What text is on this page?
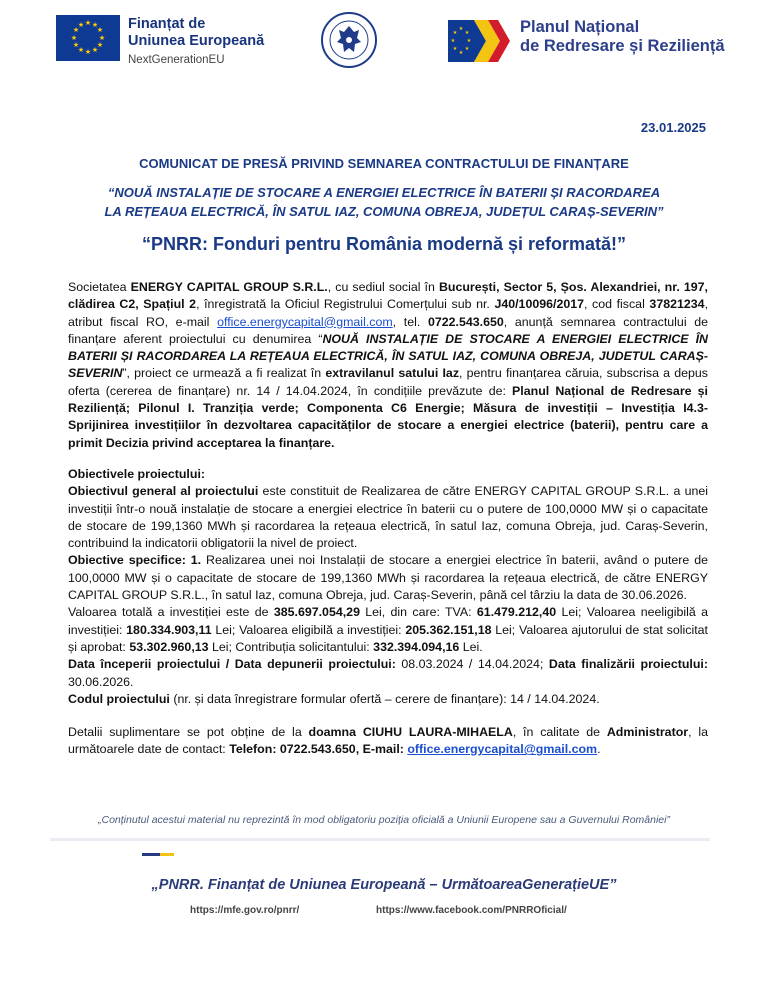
★ ★
★
★
★
★
★
★
★
★
★
★	Finanțat de
Uniunea Europeană
NextGenerationEU
★
★
★
★
★
★
★
★	Planul Național
de Redresare și Reziliență
23.01.2025
COMUNICAT DE PRESĂ PRIVIND SEMNAREA CONTRACTULUI DE FINANȚARE
“NOUĂ INSTALAȚIE DE STOCARE A ENERGIEI ELECTRICE ÎN BATERII ȘI RACORDAREA LA REȚEAUA ELECTRICĂ, ÎN SATUL IAZ, COMUNA OBREJA, JUDEȚUL CARAȘ-SEVERIN”
“PNRR: Fonduri pentru România modernă și reformată!”

Societatea ENERGY CAPITAL GROUP S.R.L., cu sediul social în București, Sector 5, Șos. Alexandriei, nr. 197, clădirea C2, Spațiul 2, înregistrată la Oficiul Registrului Comerțului sub nr. J40/10096/2017, cod fiscal 37821234, atribut fiscal RO, e-mail office.energycapital@gmail.com, tel. 0722.543.650, anunță semnarea contractului de finanțare aferent proiectului cu denumirea “NOUĂ INSTALAȚIE DE STOCARE A ENERGIEI ELECTRICE ÎN BATERII ȘI RACORDAREA LA REȚEAUA ELECTRICĂ, ÎN SATUL IAZ, COMUNA OBREJA, JUDETUL CARAȘ-SEVERIN”, proiect ce urmează a fi realizat în extravilanul satului Iaz, pentru finanțarea căruia, subscrisa a depus oferta (cererea de finanțare) nr. 14 / 14.04.2024, în condițiile prevăzute de: Planul Național de Redresare și Reziliență; Pilonul I. Tranziția verde; Componenta C6 Energie; Măsura de investiții – Investiția I4.3- Sprijinirea investițiilor în dezvoltarea capacităților de stocare a energiei electrice (baterii), pentru care a primit Decizia privind acceptarea la finanțare.

Obiectivele proiectului:

Obiectivul general al proiectului este constituit de Realizarea de către ENERGY CAPITAL GROUP S.R.L. a unei investiții într-o nouă instalație de stocare a energiei electrice în baterii cu o putere de 100,0000 MW și o capacitate de stocare de 199,1360 MWh și racordarea la rețeaua electrică, în satul Iaz, comuna Obreja, jud. Caraș-Severin, contribuind la indicatorii obligatorii la nivel de proiect.

Obiective specifice: 1. Realizarea unei noi Instalații de stocare a energiei electrice în baterii, având o putere de 100,0000 MW și o capacitate de stocare de 199,1360 MWh și racordarea la rețeaua electrică, de către ENERGY CAPITAL GROUP S.R.L., în satul Iaz, comuna Obreja, jud. Caraș-Severin, până cel târziu la data de 30.06.2026.

Valoarea totală a investiției este de 385.697.054,29 Lei, din care: TVA: 61.479.212,40 Lei; Valoarea neeligibilă a investiției: 180.334.903,11 Lei; Valoarea eligibilă a investiției: 205.362.151,18 Lei; Valoarea ajutorului de stat solicitat și aprobat: 53.302.960,13 Lei; Contribuția solicitantului: 332.394.094,16 Lei.

Data începerii proiectului / Data depunerii proiectului: 08.03.2024 / 14.04.2024; Data finalizării proiectului: 30.06.2026.

Codul proiectului (nr. și data înregistrare formular ofertă – cerere de finanțare): 14 / 14.04.2024.

Detalii suplimentare se pot obține de la doamna CIUHU LAURA-MIHAELA, în calitate de Administrator, la următoarele date de contact: Telefon: 0722.543.650, E-mail: office.energycapital@gmail.com.

„Conținutul acestui material nu reprezintă în mod obligatoriu poziția oficială a Uniunii Europene sau a Guvernului României”
„PNRR. Finanțat de Uniunea Europeană – UrmătoareaGenerațieUE”
https://mfe.gov.ro/pnrr/	https://www.facebook.com/PNRROficial/
